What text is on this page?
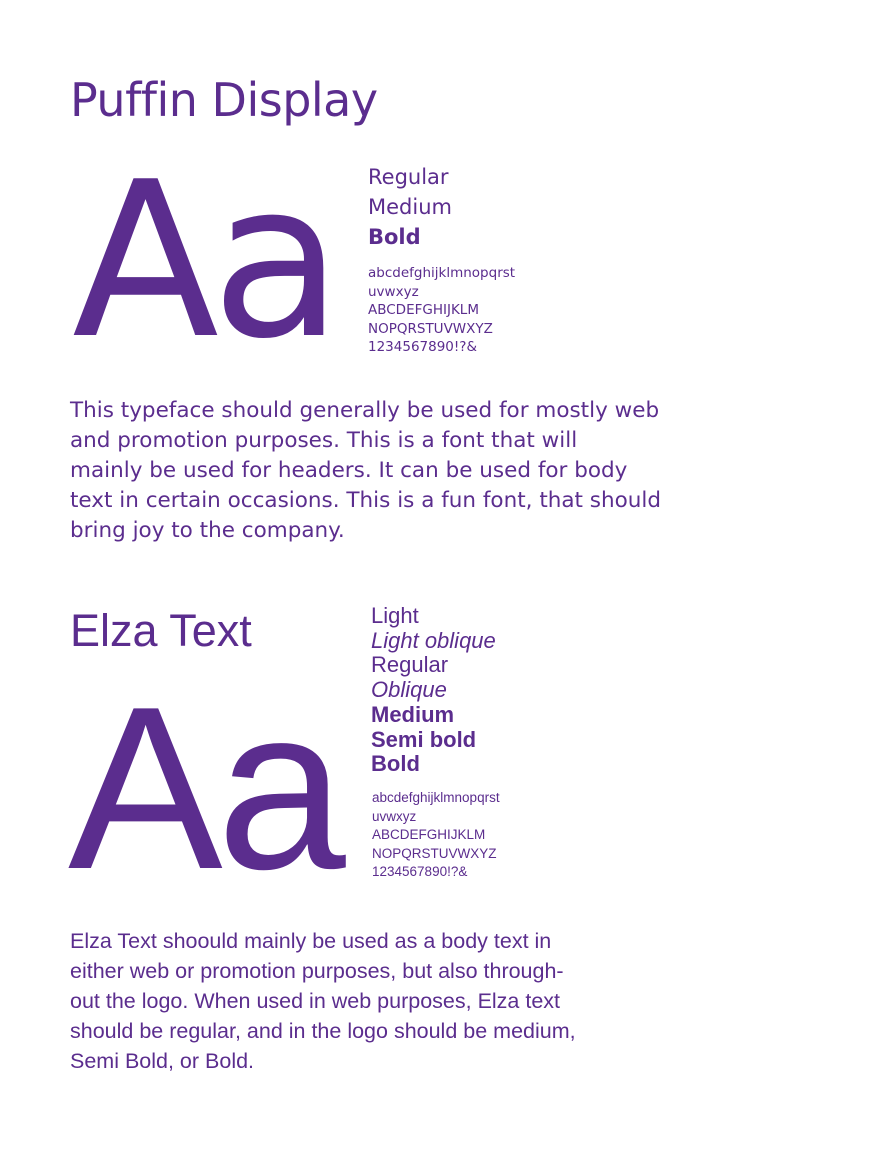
Puffin Display
Aa Regular
Medium
Bold
abcdefghijklmnopqrst
uvwxyz
ABCDEFGHIJKLM
NOPQRSTUVWXYZ
1234567890!?&

This typeface should generally be used for mostly web
and promotion purposes. This is a font that will
mainly be used for headers. It can be used for body
text in certain occasions. This is a fun font, that should
bring joy to the company.

Elza Text
Aa
Light
Light oblique
Regular
Oblique
Medium
Semi bold
Bold
abcdefghijklmnopqrst
uvwxyz
ABCDEFGHIJKLM
NOPQRSTUVWXYZ
1234567890!?&

Elza Text shoould mainly be used as a body text in
either web or promotion purposes, but also through-
out the logo. When used in web purposes, Elza text
should be regular, and in the logo should be medium,
Semi Bold, or Bold.
